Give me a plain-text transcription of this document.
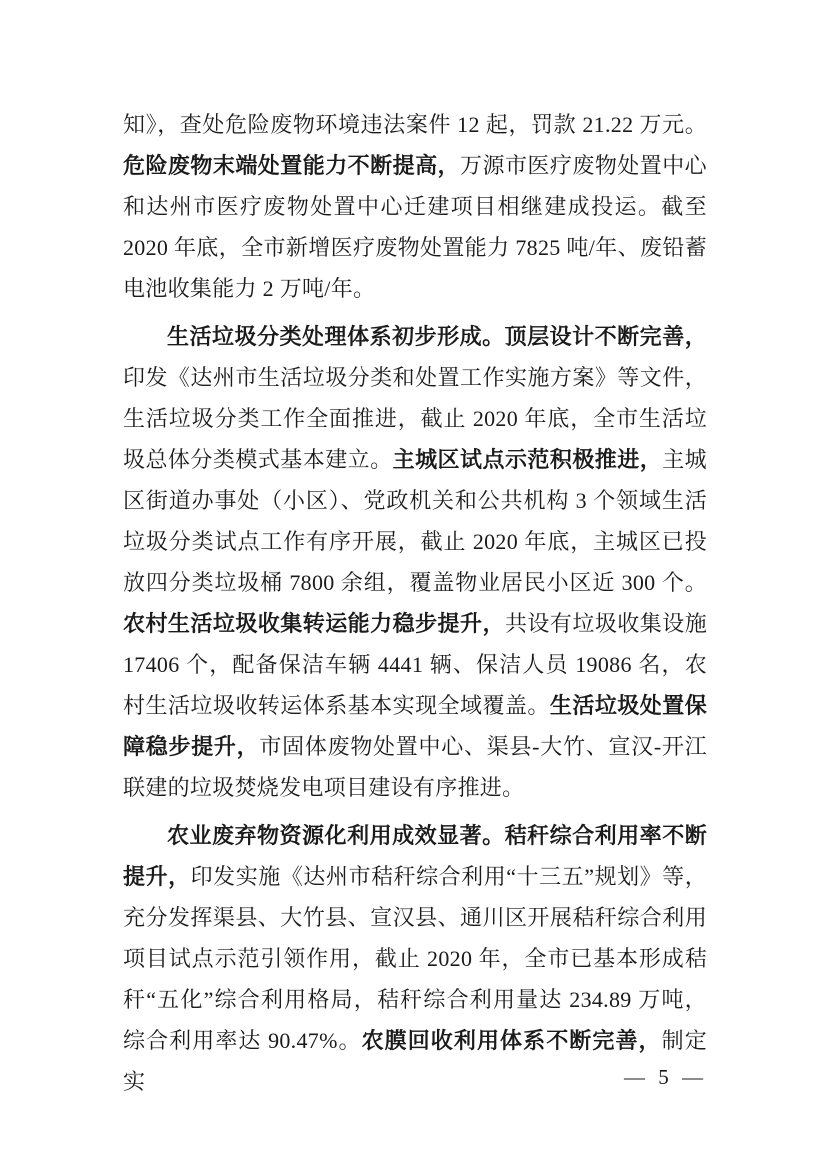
知》，查处危险废物环境违法案件 12 起，罚款 21.22 万元。危险废物末端处置能力不断提高，万源市医疗废物处置中心和达州市医疗废物处置中心迁建项目相继建成投运。截至 2020 年底，全市新增医疗废物处置能力 7825 吨/年、废铅蓄电池收集能力 2 万吨/年。

生活垃圾分类处理体系初步形成。顶层设计不断完善，印发《达州市生活垃圾分类和处置工作实施方案》等文件，生活垃圾分类工作全面推进，截止 2020 年底，全市生活垃圾总体分类模式基本建立。主城区试点示范积极推进，主城区街道办事处（小区）、党政机关和公共机构 3 个领域生活垃圾分类试点工作有序开展，截止 2020 年底，主城区已投放四分类垃圾桶 7800 余组，覆盖物业居民小区近 300 个。农村生活垃圾收集转运能力稳步提升，共设有垃圾收集设施 17406 个，配备保洁车辆 4441 辆、保洁人员 19086 名，农村生活垃圾收转运体系基本实现全域覆盖。生活垃圾处置保障稳步提升，市固体废物处置中心、渠县-大竹、宣汉-开江联建的垃圾焚烧发电项目建设有序推进。

农业废弃物资源化利用成效显著。秸秆综合利用率不断提升，印发实施《达州市秸秆综合利用“十三五”规划》等，充分发挥渠县、大竹县、宣汉县、通川区开展秸秆综合利用项目试点示范引领作用，截止 2020 年，全市已基本形成秸秆“五化”综合利用格局，秸秆综合利用量达 234.89 万吨，综合利用率达 90.47%。农膜回收利用体系不断完善，制定实	— 5 —
